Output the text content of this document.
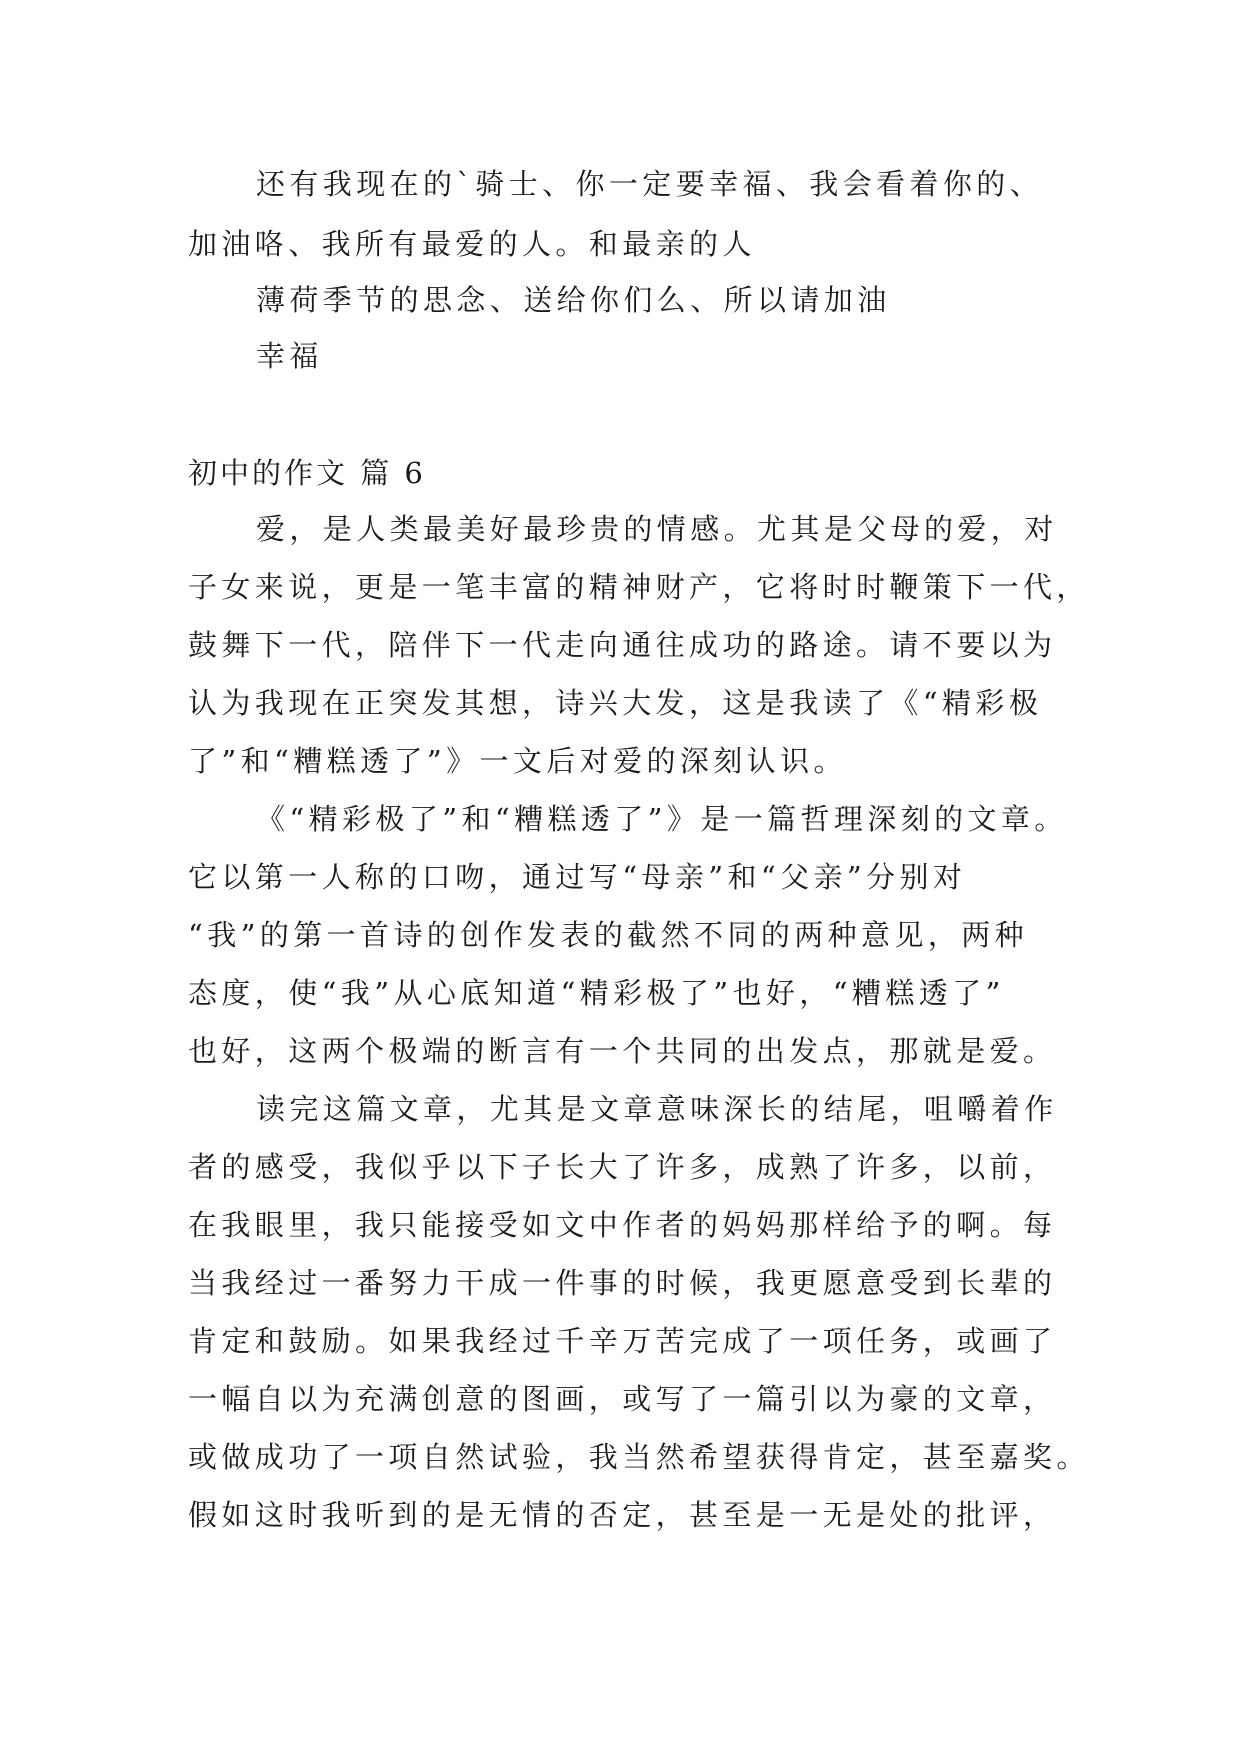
还有我现在的`骑士、你一定要幸福、我会看着你的、

加油咯、我所有最爱的人。和最亲的人

薄荷季节的思念、送给你们么、所以请加油

幸福

初中的作文 篇 6

爱，是人类最美好最珍贵的情感。尤其是父母的爱，对

子女来说，更是一笔丰富的精神财产，它将时时鞭策下一代，

鼓舞下一代，陪伴下一代走向通往成功的路途。请不要以为

认为我现在正突发其想，诗兴大发，这是我读了《“精彩极

了”和“糟糕透了”》一文后对爱的深刻认识。

《“精彩极了”和“糟糕透了”》是一篇哲理深刻的文章。

它以第一人称的口吻，通过写“母亲”和“父亲”分别对

“我”的第一首诗的创作发表的截然不同的两种意见，两种

态度，使“我”从心底知道“精彩极了”也好，“糟糕透了”

也好，这两个极端的断言有一个共同的出发点，那就是爱。

读完这篇文章，尤其是文章意味深长的结尾，咀嚼着作

者的感受，我似乎以下子长大了许多，成熟了许多，以前，

在我眼里，我只能接受如文中作者的妈妈那样给予的啊。每

当我经过一番努力干成一件事的时候，我更愿意受到长辈的

肯定和鼓励。如果我经过千辛万苦完成了一项任务，或画了

一幅自以为充满创意的图画，或写了一篇引以为豪的文章，

或做成功了一项自然试验，我当然希望获得肯定，甚至嘉奖。

假如这时我听到的是无情的否定，甚至是一无是处的批评，
